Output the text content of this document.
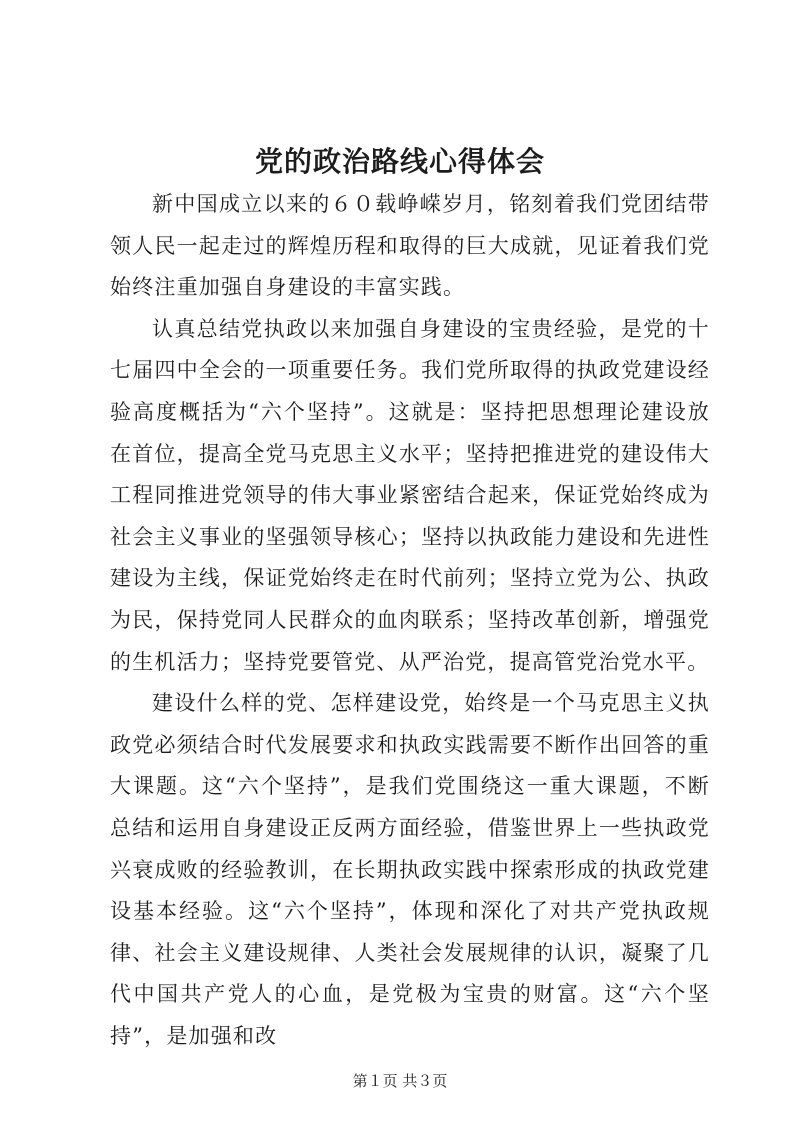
党的政治路线心得体会

新中国成立以来的６０载峥嵘岁月，铭刻着我们党团结带领人民一起走过的辉煌历程和取得的巨大成就，见证着我们党始终注重加强自身建设的丰富实践。

认真总结党执政以来加强自身建设的宝贵经验，是党的十七届四中全会的一项重要任务。我们党所取得的执政党建设经验高度概括为“六个坚持”。这就是：坚持把思想理论建设放在首位，提高全党马克思主义水平；坚持把推进党的建设伟大工程同推进党领导的伟大事业紧密结合起来，保证党始终成为社会主义事业的坚强领导核心；坚持以执政能力建设和先进性建设为主线，保证党始终走在时代前列；坚持立党为公、执政为民，保持党同人民群众的血肉联系；坚持改革创新，增强党的生机活力；坚持党要管党、从严治党，提高管党治党水平。

建设什么样的党、怎样建设党，始终是一个马克思主义执政党必须结合时代发展要求和执政实践需要不断作出回答的重大课题。这“六个坚持”，是我们党围绕这一重大课题，不断总结和运用自身建设正反两方面经验，借鉴世界上一些执政党兴衰成败的经验教训，在长期执政实践中探索形成的执政党建设基本经验。这“六个坚持”，体现和深化了对共产党执政规律、社会主义建设规律、人类社会发展规律的认识，凝聚了几代中国共产党人的心血，是党极为宝贵的财富。这“六个坚持”，是加强和改

第１页 共３页
